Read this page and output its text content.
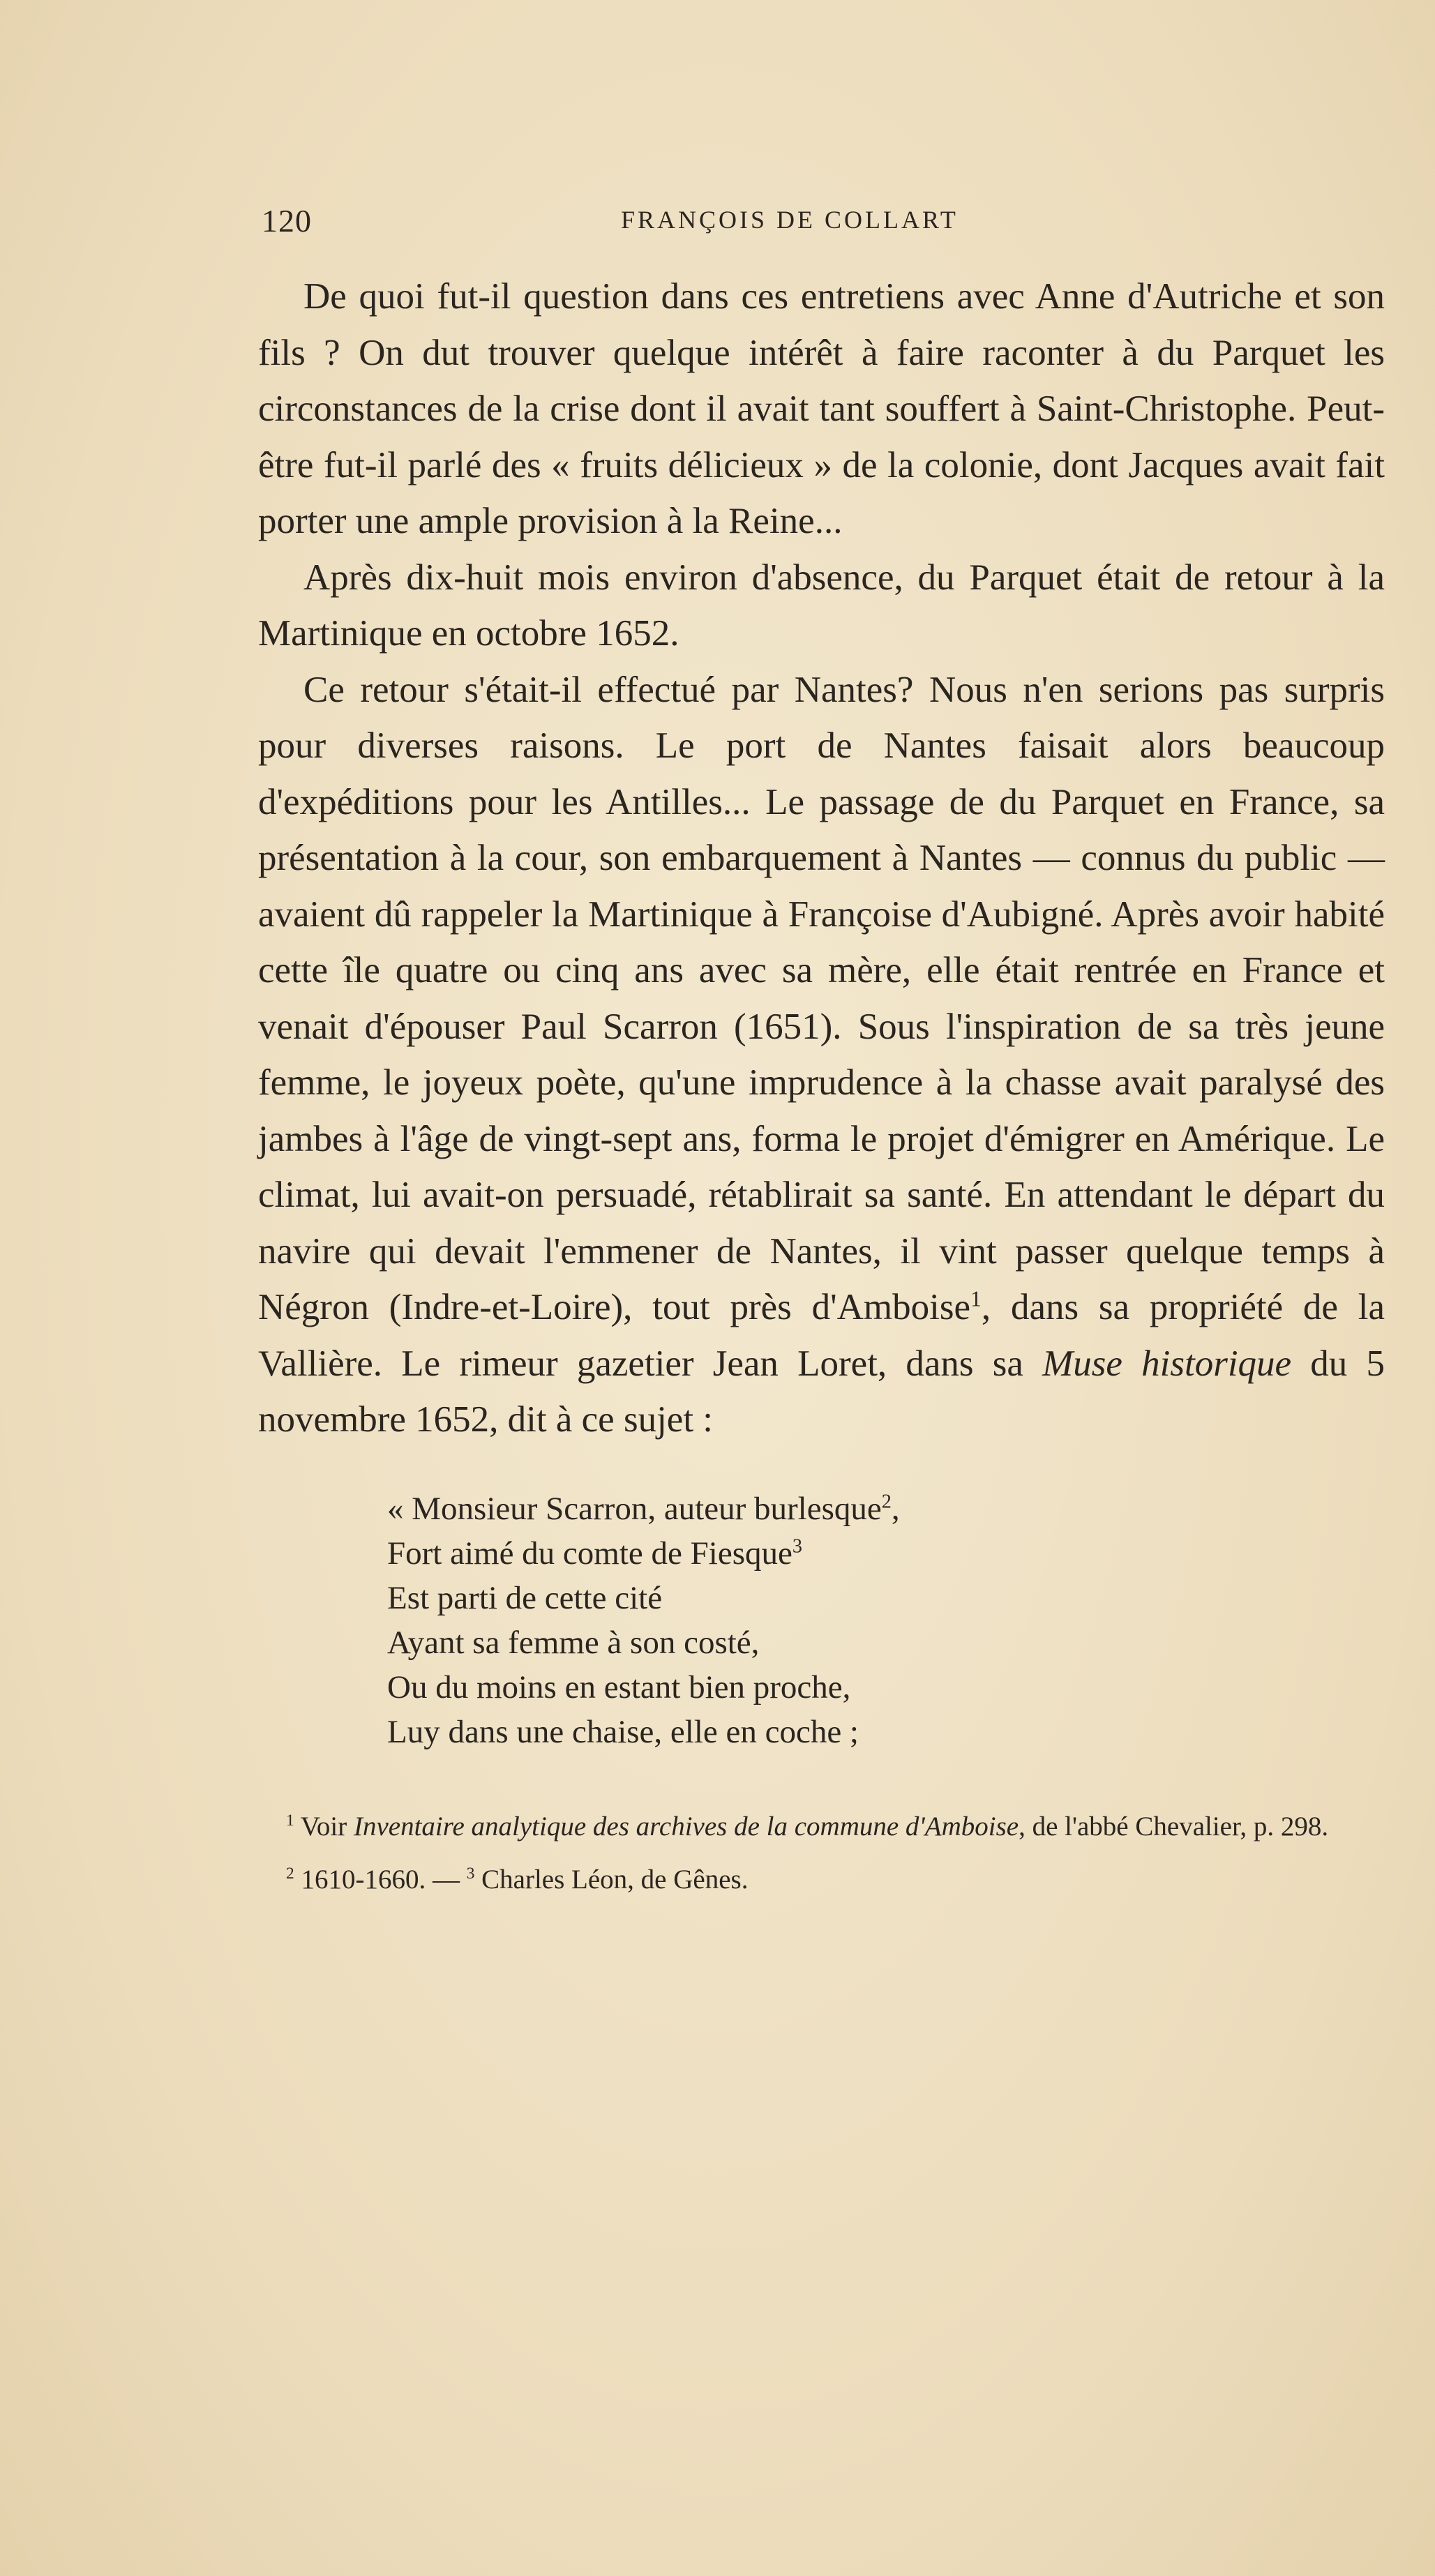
120	FRANÇOIS DE COLLART

De quoi fut-il question dans ces entretiens avec Anne d'Autriche et son fils ? On dut trouver quelque intérêt à faire raconter à du Parquet les circonstances de la crise dont il avait tant souffert à Saint-Christophe. Peut-être fut-il parlé des « fruits délicieux » de la colonie, dont Jacques avait fait porter une ample provision à la Reine...

Après dix-huit mois environ d'absence, du Parquet était de retour à la Martinique en octobre 1652.

Ce retour s'était-il effectué par Nantes? Nous n'en serions pas surpris pour diverses raisons. Le port de Nantes faisait alors beaucoup d'expéditions pour les Antilles... Le passage de du Parquet en France, sa présentation à la cour, son embarquement à Nantes — connus du public — avaient dû rappeler la Martinique à Françoise d'Aubigné. Après avoir habité cette île quatre ou cinq ans avec sa mère, elle était rentrée en France et venait d'épouser Paul Scarron (1651). Sous l'inspiration de sa très jeune femme, le joyeux poète, qu'une imprudence à la chasse avait paralysé des jambes à l'âge de vingt-sept ans, forma le projet d'émigrer en Amérique. Le climat, lui avait-on persuadé, rétablirait sa santé. En attendant le départ du navire qui devait l'emmener de Nantes, il vint passer quelque temps à Négron (Indre-et-Loire), tout près d'Amboise$^1$, dans sa propriété de la Vallière. Le rimeur gazetier Jean Loret, dans sa Muse historique du 5 novembre 1652, dit à ce sujet :

« Monsieur Scarron, auteur burlesque$^2$,
Fort aimé du comte de Fiesque$^3$
Est parti de cette cité
Ayant sa femme à son costé,
Ou du moins en estant bien proche,
Luy dans une chaise, elle en coche ;
$^1$ Voir Inventaire analytique des archives de la commune d'Amboise, de l'abbé Chevalier, p. 298.
$^2$ 1610-1660. — $^3$ Charles Léon, de Gênes.
